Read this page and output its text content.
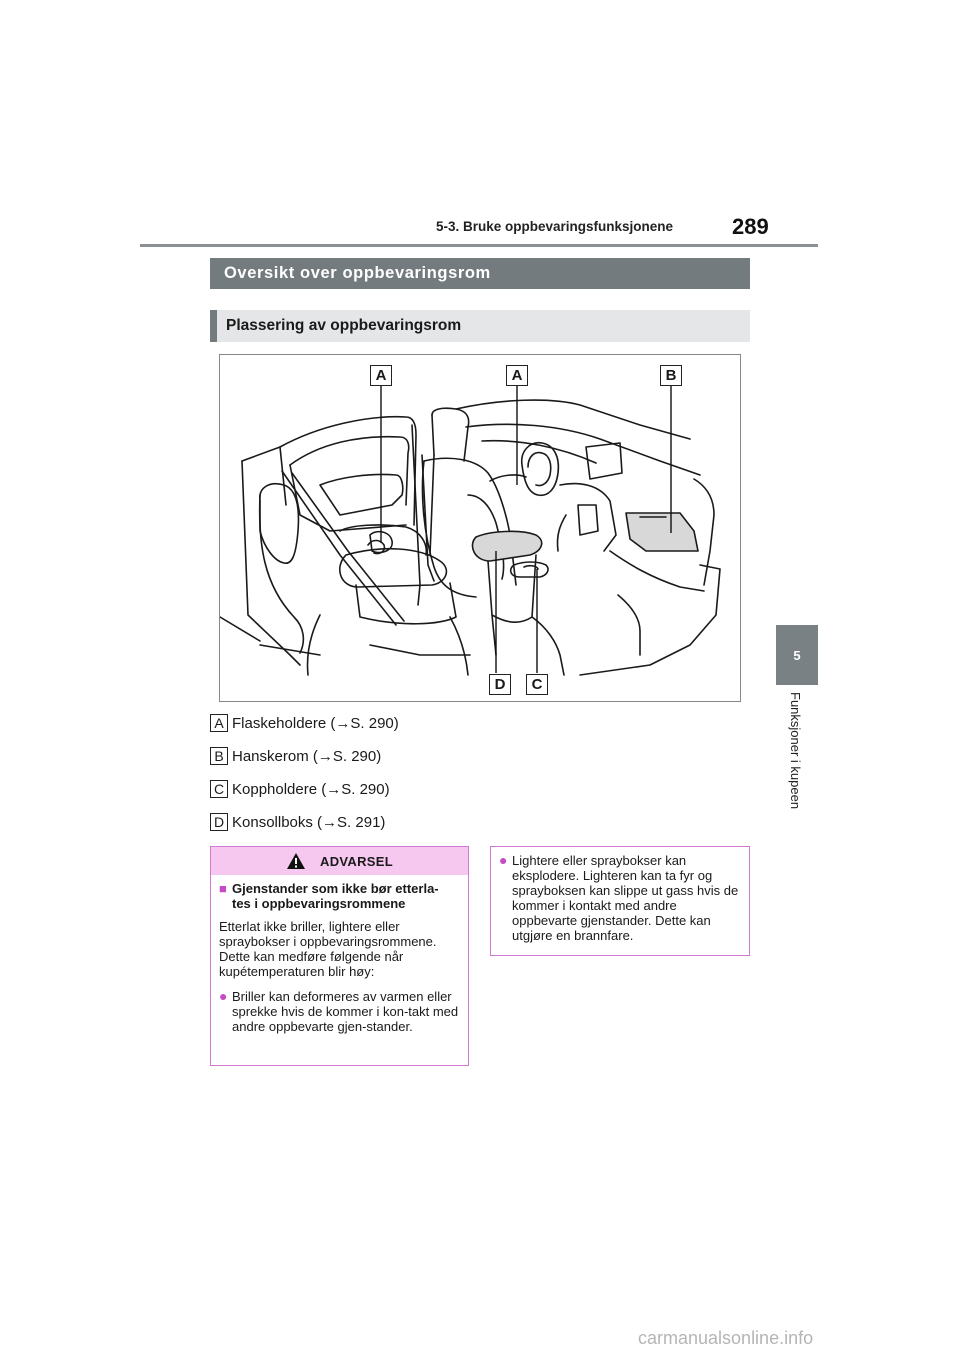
5-3. Bruke oppbevaringsfunksjonene	289
5
Funksjoner i kupeen
Oversikt over oppbevaringsrom
Plassering av oppbevaringsrom
A	A	B
D	C
A Flaskeholdere ( → S. 290)
B Hanskerom ( → S. 290)
C Koppholdere ( → S. 290)
D Konsollboks ( → S. 291)
ADVARSEL
■ Gjenstander som ikke bør etterla-
tes i oppbevaringsrommene

Etterlat ikke briller, lightere eller spraybokser i oppbevaringsrommene. Dette kan medføre følgende når kupétemperaturen blir høy:

● Briller kan deformeres av varmen eller sprekke hvis de kommer i kon-takt med andre oppbevarte gjen-stander.
● Lightere eller spraybokser kan eksplodere. Lighteren kan ta fyr og sprayboksen kan slippe ut gass hvis de kommer i kontakt med andre oppbevarte gjenstander. Dette kan utgjøre en brannfare.
carmanualsonline.info
